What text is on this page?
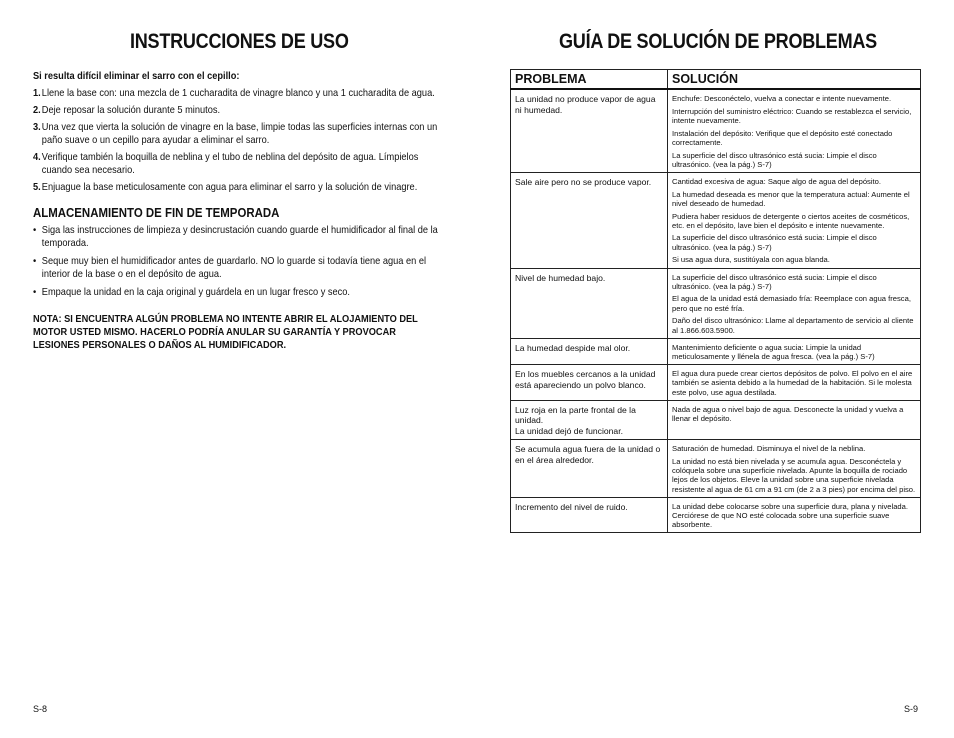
INSTRUCCIONES DE USO
Si resulta difícil eliminar el sarro con el cepillo:
1. Llene la base con: una mezcla de 1 cucharadita de vinagre blanco y una 1 cucharadita de agua.
2. Deje reposar la solución durante 5 minutos.
3. Una vez que vierta la solución de vinagre en la base, limpie todas las superficies internas con un paño suave o un cepillo para ayudar a eliminar el sarro.
4. Verifique también la boquilla de neblina y el tubo de neblina del depósito de agua. Límpielos cuando sea necesario.
5. Enjuague la base meticulosamente con agua para eliminar el sarro y la solución de vinagre.
ALMACENAMIENTO DE FIN DE TEMPORADA
• Siga las instrucciones de limpieza y desincrustación cuando guarde el humidificador al final de la temporada.
• Seque muy bien el humidificador antes de guardarlo. NO lo guarde si todavía tiene agua en el interior de la base o en el depósito de agua.
• Empaque la unidad en la caja original y guárdela en un lugar fresco y seco.
NOTA: SI ENCUENTRA ALGÚN PROBLEMA NO INTENTE ABRIR EL ALOJAMIENTO DEL MOTOR USTED MISMO. HACERLO PODRÍA ANULAR SU GARANTÍA Y PROVOCAR LESIONES PERSONALES O DAÑOS AL HUMIDIFICADOR.
GUÍA DE SOLUCIÓN DE PROBLEMAS
PROBLEMA	SOLUCIÓN

La unidad no produce vapor de agua ni humedad.	Enchufe: Desconéctelo, vuelva a conectar e intente nuevamente.
Interrupción del suministro eléctrico: Cuando se restablezca el servicio, intente nuevamente.
Instalación del depósito: Verifique que el depósito esté conectado correctamente.
La superficie del disco ultrasónico está sucia: Limpie el disco ultrasónico. (vea la pág.) S-7)

Sale aire pero no se produce vapor.	Cantidad excesiva de agua: Saque algo de agua del depósito.
La humedad deseada es menor que la temperatura actual: Aumente el nivel deseado de humedad.
Pudiera haber residuos de detergente o ciertos aceites de cosméticos, etc. en el depósito, lave bien el depósito e intente nuevamente.
La superficie del disco ultrasónico está sucia: Limpie el disco ultrasónico. (vea la pág.) S-7)
Si usa agua dura, sustitúyala con agua blanda.

Nivel de humedad bajo.	La superficie del disco ultrasónico está sucia: Limpie el disco ultrasónico. (vea la pág.) S-7)
El agua de la unidad está demasiado fría: Reemplace con agua fresca, pero que no esté fría.
Daño del disco ultrasónico: Llame al departamento de servicio al cliente al 1.866.603.5900.

La humedad despide mal olor.	Mantenimiento deficiente o agua sucia: Limpie la unidad meticulosamente y llénela de agua fresca. (vea la pág.) S-7)

En los muebles cercanos a la unidad está apareciendo un polvo blanco.	El agua dura puede crear ciertos depósitos de polvo. El polvo en el aire también se asienta debido a la humedad de la habitación. Si le molesta este polvo, use agua destilada.

Luz roja en la parte frontal de la unidad.
La unidad dejó de funcionar.	Nada de agua o nivel bajo de agua. Desconecte la unidad y vuelva a llenar el depósito.

Se acumula agua fuera de la unidad o en el área alrededor.	Saturación de humedad. Disminuya el nivel de la neblina.
La unidad no está bien nivelada y se acumula agua. Desconéctela y colóquela sobre una superficie nivelada. Apunte la boquilla de rociado lejos de los objetos. Eleve la unidad sobre una superficie nivelada resistente al agua de 61 cm a 91 cm (de 2 a 3 pies) por encima del piso.

Incremento del nivel de ruido.	La unidad debe colocarse sobre una superficie dura, plana y nivelada. Cerciórese de que NO esté colocada sobre una superficie suave absorbente.
S-8	S-9
